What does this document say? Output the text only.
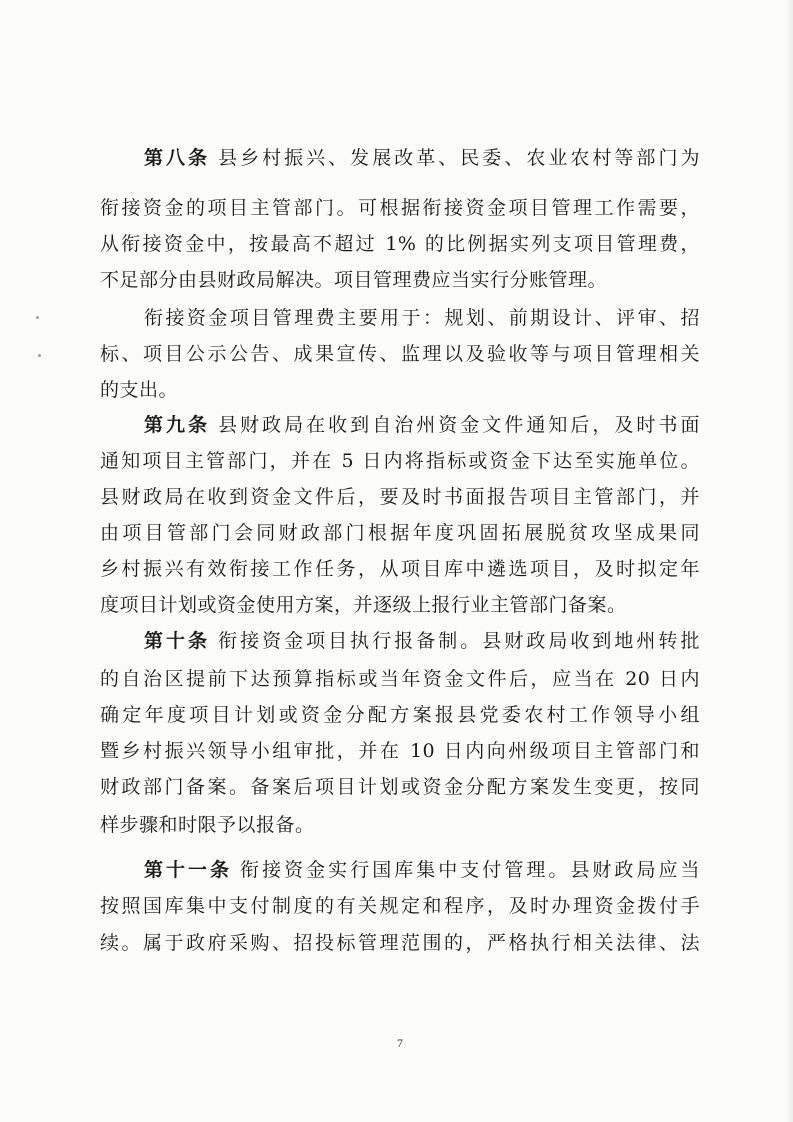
第八条 县乡村振兴、发展改革、民委、农业农村等部门为
衔接资金的项目主管部门。可根据衔接资金项目管理工作需要，
从衔接资金中，按最高不超过 1% 的比例据实列支项目管理费，
不足部分由县财政局解决。项目管理费应当实行分账管理。
衔接资金项目管理费主要用于：规划、前期设计、评审、招
标、项目公示公告、成果宣传、监理以及验收等与项目管理相关
的支出。
第九条 县财政局在收到自治州资金文件通知后，及时书面
通知项目主管部门，并在 5 日内将指标或资金下达至实施单位。
县财政局在收到资金文件后，要及时书面报告项目主管部门，并
由项目管部门会同财政部门根据年度巩固拓展脱贫攻坚成果同
乡村振兴有效衔接工作任务，从项目库中遴选项目，及时拟定年
度项目计划或资金使用方案，并逐级上报行业主管部门备案。
第十条 衔接资金项目执行报备制。县财政局收到地州转批
的自治区提前下达预算指标或当年资金文件后，应当在 20 日内
确定年度项目计划或资金分配方案报县党委农村工作领导小组
暨乡村振兴领导小组审批，并在 10 日内向州级项目主管部门和
财政部门备案。备案后项目计划或资金分配方案发生变更，按同
样步骤和时限予以报备。
第十一条 衔接资金实行国库集中支付管理。县财政局应当
按照国库集中支付制度的有关规定和程序，及时办理资金拨付手
续。属于政府采购、招投标管理范围的，严格执行相关法律、法
7
